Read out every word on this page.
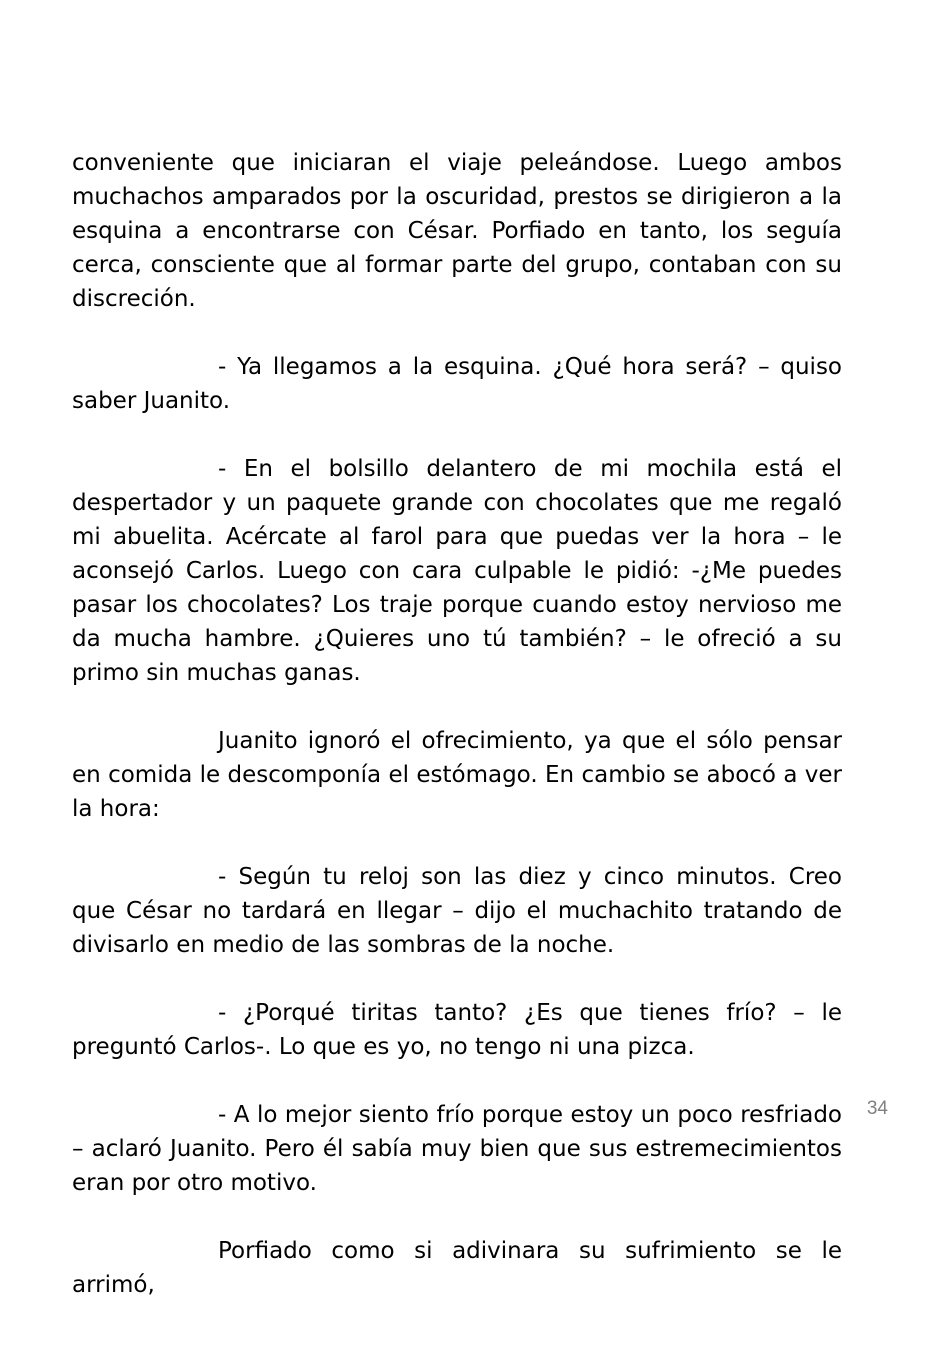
conveniente que iniciaran el viaje peleándose. Luego ambos muchachos amparados por la oscuridad, prestos se dirigieron a la esquina a encontrarse con César. Porfiado en tanto, los seguía cerca, consciente que al formar parte del grupo, contaban con su discreción.

- Ya llegamos a la esquina. ¿Qué hora será? – quiso saber Juanito.

- En el bolsillo delantero de mi mochila está el despertador y un paquete grande con chocolates que me regaló mi abuelita. Acércate al farol para que puedas ver la hora – le aconsejó Carlos. Luego con cara culpable le pidió: -¿Me puedes pasar los chocolates? Los traje porque cuando estoy nervioso me da mucha hambre. ¿Quieres uno tú también? – le ofreció a su primo sin muchas ganas.

Juanito ignoró el ofrecimiento, ya que el sólo pensar en comida le descomponía el estómago. En cambio se abocó a ver la hora:

- Según tu reloj son las diez y cinco minutos. Creo que César no tardará en llegar – dijo el muchachito tratando de divisarlo en medio de las sombras de la noche.

- ¿Porqué tiritas tanto? ¿Es que tienes frío? – le preguntó Carlos-. Lo que es yo, no tengo ni una pizca.

- A lo mejor siento frío porque estoy un poco resfriado – aclaró Juanito. Pero él sabía muy bien que sus estremecimientos eran por otro motivo.

Porfiado como si adivinara su sufrimiento se le arrimó,

34
